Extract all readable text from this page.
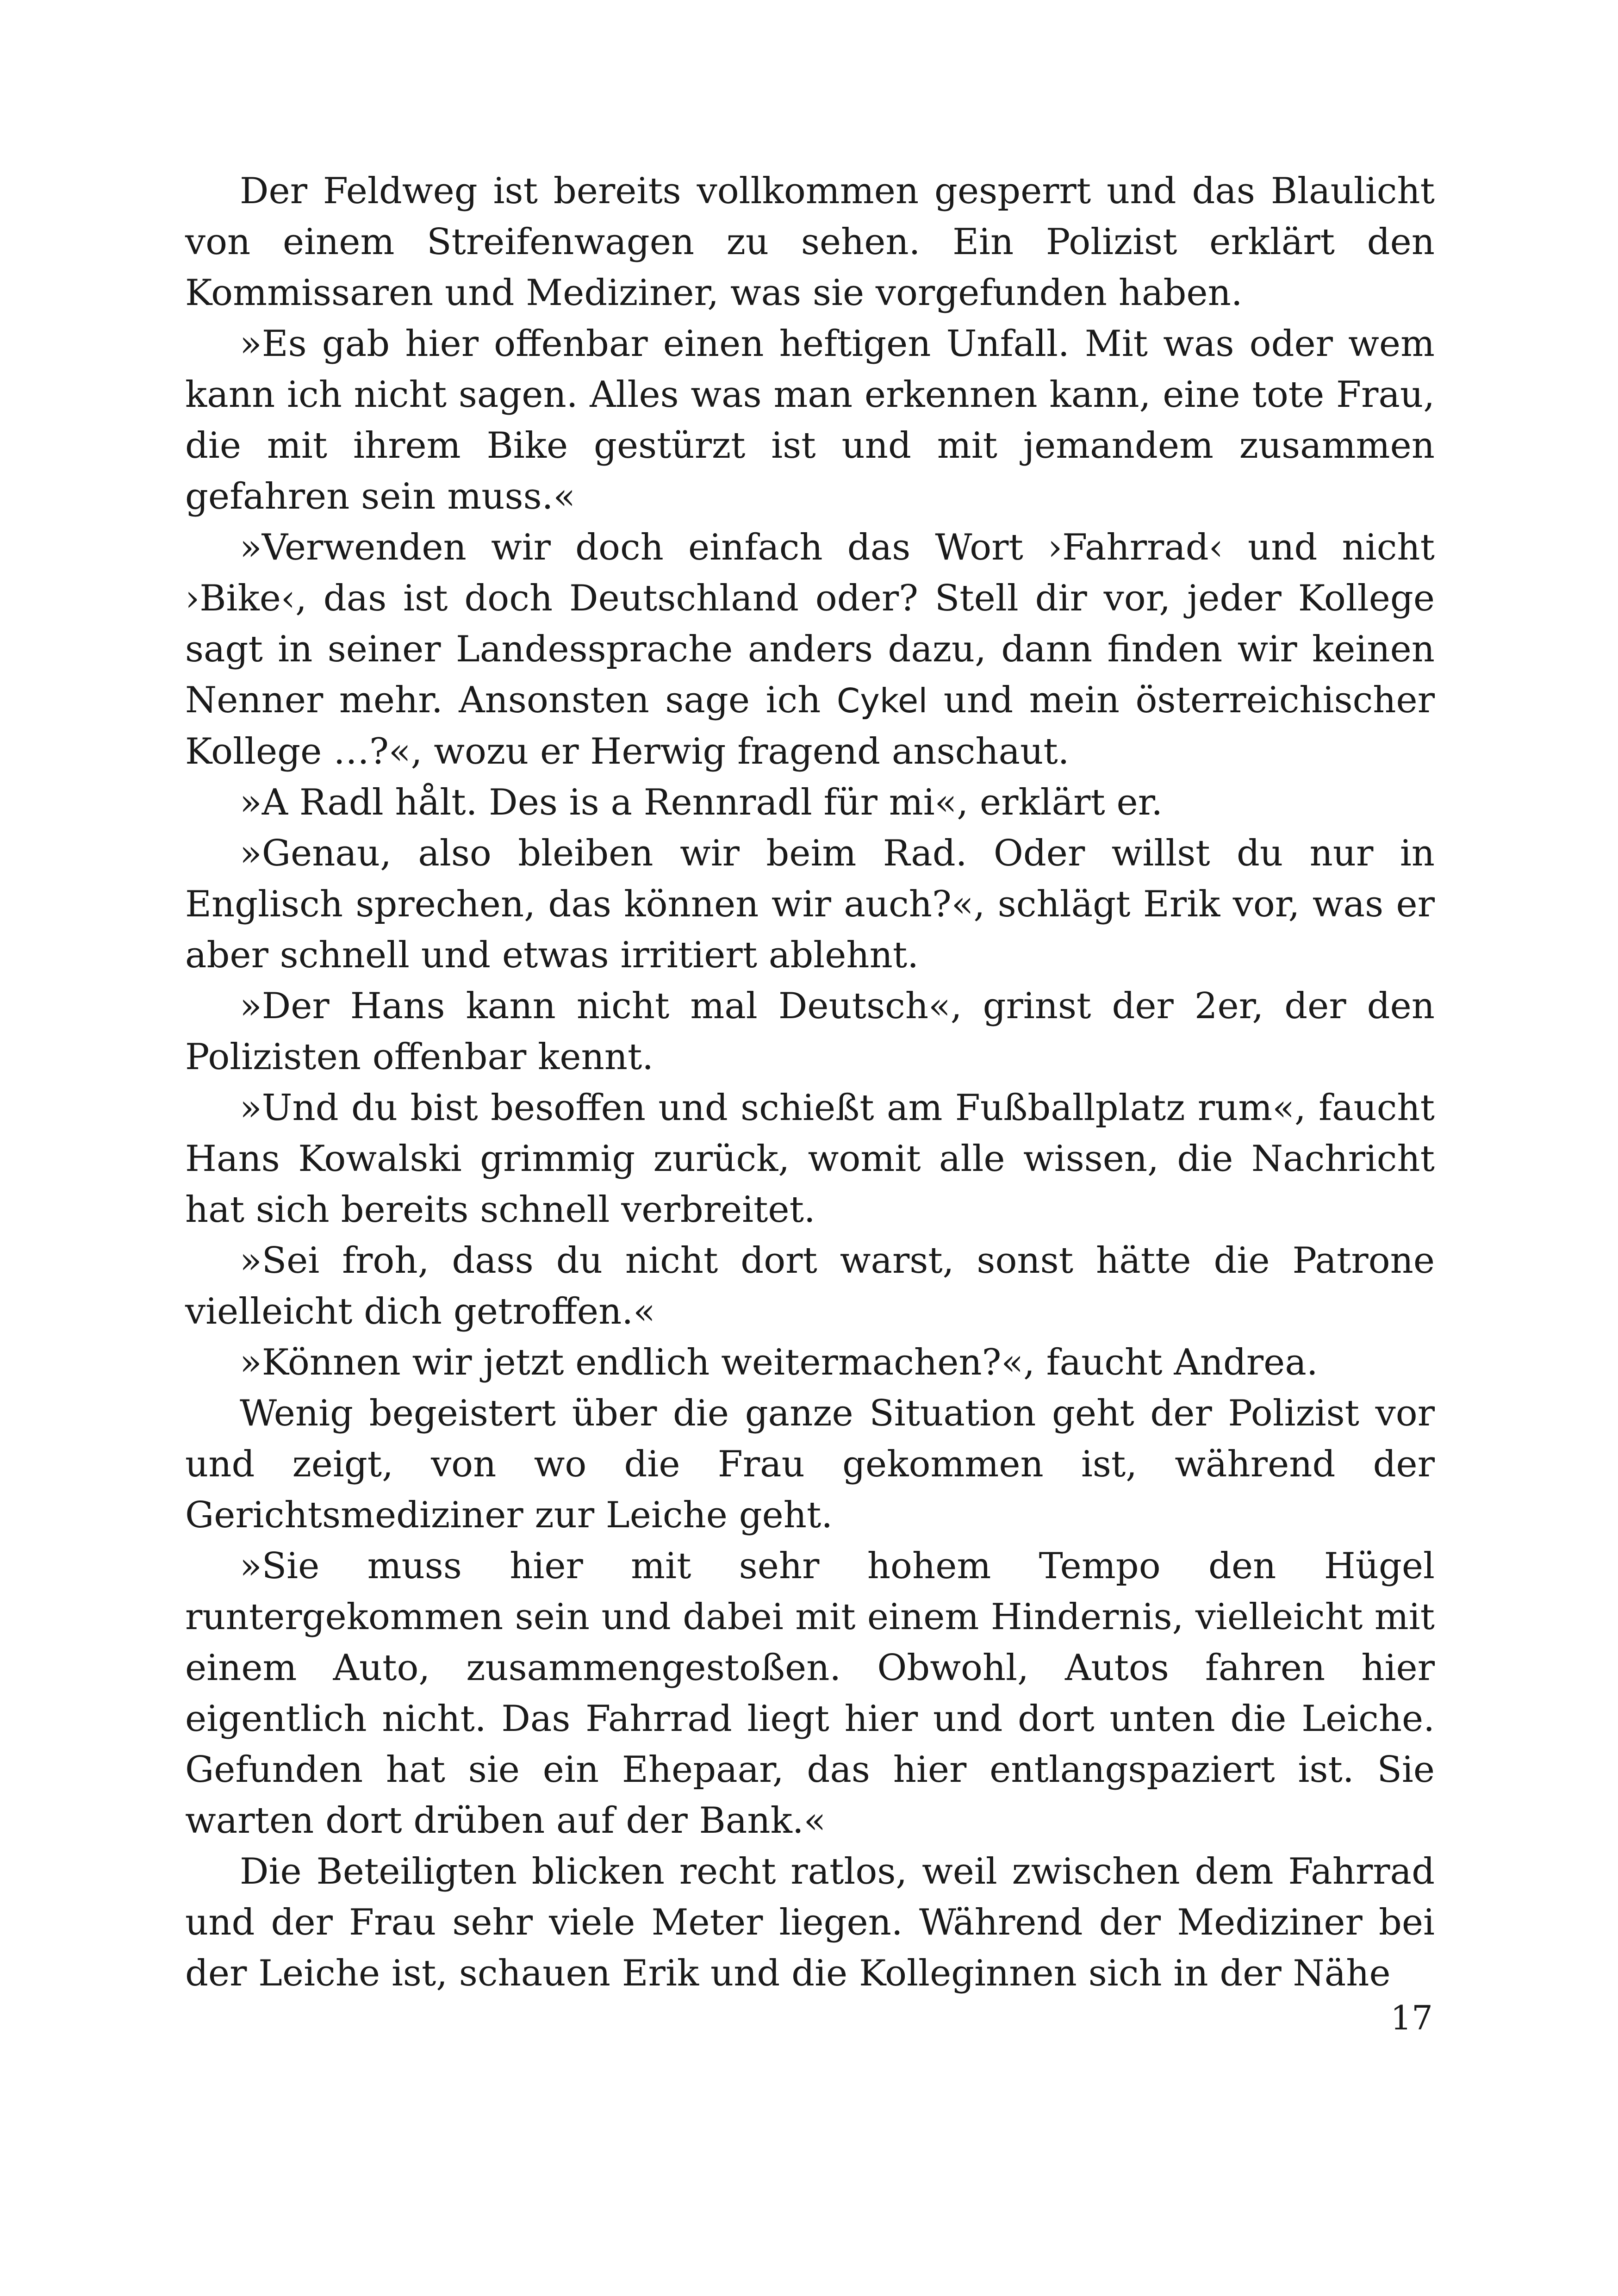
Der Feldweg ist bereits vollkommen gesperrt und das Blaulicht von einem Streifenwagen zu sehen. Ein Polizist erklärt den Kommissaren und Mediziner, was sie vorgefunden haben.

»Es gab hier offenbar einen heftigen Unfall. Mit was oder wem kann ich nicht sagen. Alles was man erkennen kann, eine tote Frau, die mit ihrem Bike gestürzt ist und mit jemandem zusammen gefahren sein muss.«

»Verwenden wir doch einfach das Wort ›Fahrrad‹ und nicht ›Bike‹, das ist doch Deutschland oder? Stell dir vor, jeder Kollege sagt in seiner Landessprache anders dazu, dann finden wir keinen Nenner mehr. Ansonsten sage ich Cykel und mein österreichischer Kollege …?«, wozu er Herwig fragend anschaut.

»A Radl hålt. Des is a Rennradl für mi«, erklärt er.

»Genau, also bleiben wir beim Rad. Oder willst du nur in Englisch sprechen, das können wir auch?«, schlägt Erik vor, was er aber schnell und etwas irritiert ablehnt.

»Der Hans kann nicht mal Deutsch«, grinst der 2er, der den Polizisten offenbar kennt.

»Und du bist besoffen und schießt am Fußballplatz rum«, faucht Hans Kowalski grimmig zurück, womit alle wissen, die Nachricht hat sich bereits schnell verbreitet.

»Sei froh, dass du nicht dort warst, sonst hätte die Patrone vielleicht dich getroffen.«

»Können wir jetzt endlich weitermachen?«, faucht Andrea.

Wenig begeistert über die ganze Situation geht der Polizist vor und zeigt, von wo die Frau gekommen ist, während der Gerichtsmediziner zur Leiche geht.

»Sie muss hier mit sehr hohem Tempo den Hügel runtergekommen sein und dabei mit einem Hindernis, vielleicht mit einem Auto, zusammengestoßen. Obwohl, Autos fahren hier eigentlich nicht. Das Fahrrad liegt hier und dort unten die Leiche. Gefunden hat sie ein Ehepaar, das hier entlangspaziert ist. Sie warten dort drüben auf der Bank.«

Die Beteiligten blicken recht ratlos, weil zwischen dem Fahrrad und der Frau sehr viele Meter liegen. Während der Mediziner bei der Leiche ist, schauen Erik und die Kolleginnen sich in der Nähe

17
